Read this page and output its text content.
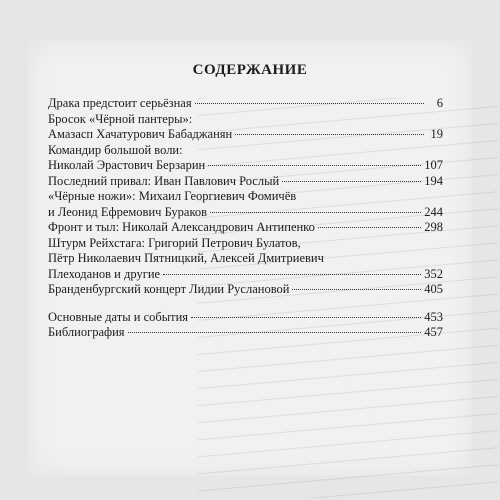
СОДЕРЖАНИЕ
Драка предстоит серьёзная	6
Бросок «Чёрной пантеры»:
Амазасп Хачатурович Бабаджанян	19
Командир большой воли:
Николай Эрастович Берзарин	107
Последний привал: Иван Павлович Рослый	194
«Чёрные ножи»: Михаил Георгиевич Фомичёв
и Леонид Ефремович Бураков	244
Фронт и тыл: Николай Александрович Антипенко	298
Штурм Рейхстага: Григорий Петрович Булатов,
Пётр Николаевич Пятницкий, Алексей Дмитриевич
Плеходанов и другие	352
Бранденбургский концерт Лидии Руслановой	405
Основные даты и события	453
Библиография	457
